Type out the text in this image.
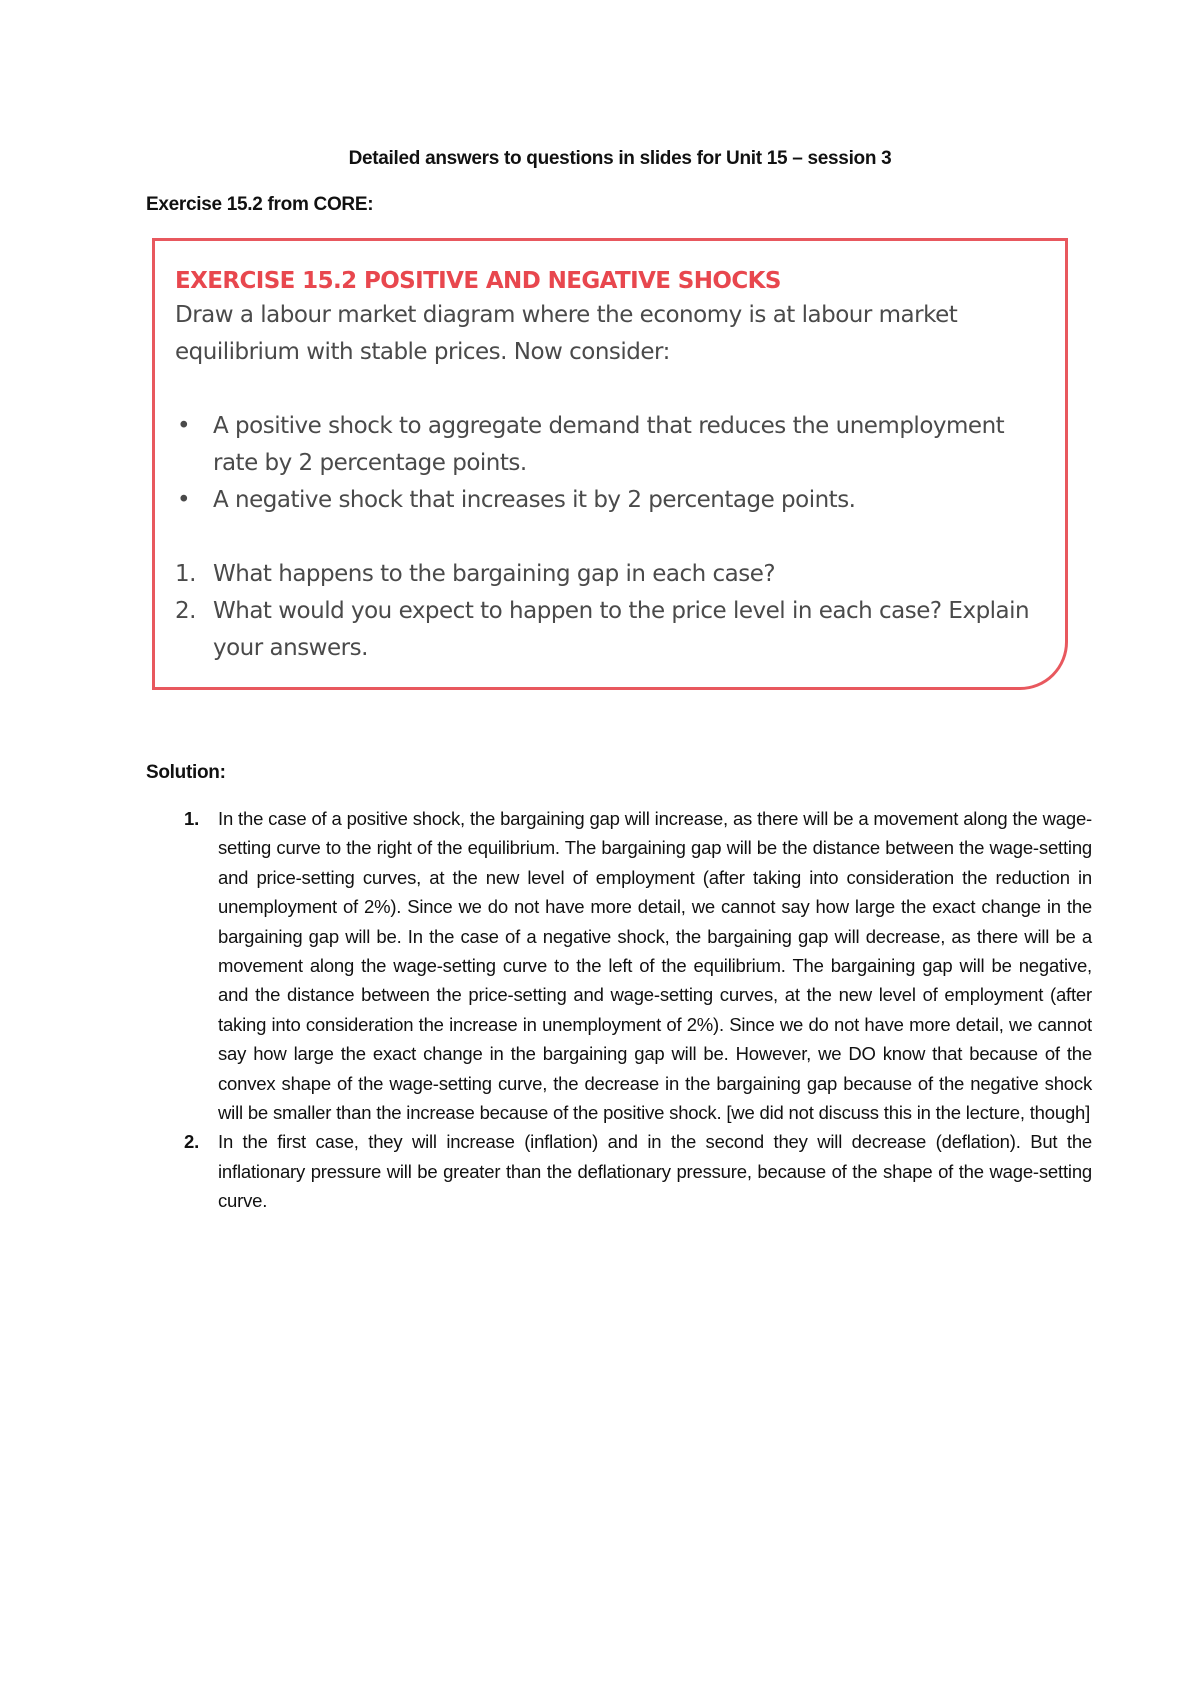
Detailed answers to questions in slides for Unit 15 – session 3
Exercise 15.2 from CORE:

EXERCISE 15.2 POSITIVE AND NEGATIVE SHOCKS

Draw a labour market diagram where the economy is at labour market equilibrium with stable prices. Now consider:

• A positive shock to aggregate demand that reduces the unemployment rate by 2 percentage points.
• A negative shock that increases it by 2 percentage points.
1. What happens to the bargaining gap in each case?
2. What would you expect to happen to the price level in each case? Explain your answers.
Solution:
1. In the case of a positive shock, the bargaining gap will increase, as there will be a movement along the wage-setting curve to the right of the equilibrium. The bargaining gap will be the distance between the wage-setting and price-setting curves, at the new level of employment (after taking into consideration the reduction in unemployment of 2%). Since we do not have more detail, we cannot say how large the exact change in the bargaining gap will be. In the case of a negative shock, the bargaining gap will decrease, as there will be a movement along the wage-setting curve to the left of the equilibrium. The bargaining gap will be negative, and the distance between the price-setting and wage-setting curves, at the new level of employment (after taking into consideration the increase in unemployment of 2%). Since we do not have more detail, we cannot say how large the exact change in the bargaining gap will be. However, we DO know that because of the convex shape of the wage-setting curve, the decrease in the bargaining gap because of the negative shock will be smaller than the increase because of the positive shock. [we did not discuss this in the lecture, though]
2. In the first case, they will increase (inflation) and in the second they will decrease (deflation). But the inflationary pressure will be greater than the deflationary pressure, because of the shape of the wage-setting curve.
